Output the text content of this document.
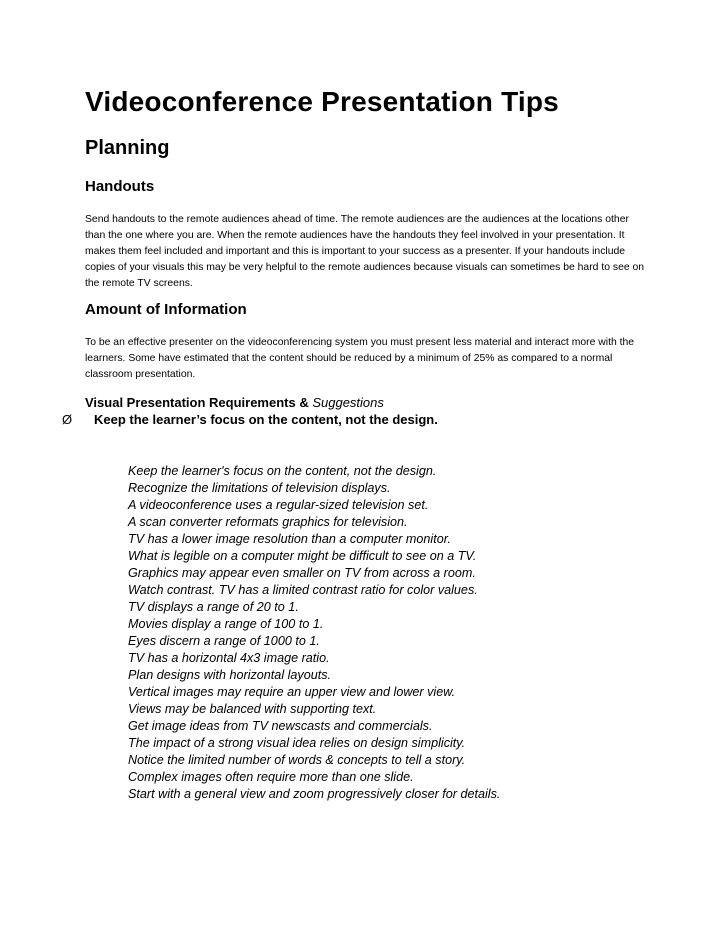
Videoconference Presentation Tips
Planning
Handouts

Send handouts to the remote audiences ahead of time. The remote audiences are the audiences at the locations other than the one where you are. When the remote audiences have the handouts they feel involved in your presentation. It makes them feel included and important and this is important to your success as a presenter. If your handouts include copies of your visuals this may be very helpful to the remote audiences because visuals can sometimes be hard to see on the remote TV screens.

Amount of Information

To be an effective presenter on the videoconferencing system you must present less material and interact more with the learners. Some have estimated that the content should be reduced by a minimum of 25% as compared to a normal classroom presentation.

Visual Presentation Requirements & Suggestions

Ø Keep the learner’s focus on the content, not the design.
Keep the learner's focus on the content, not the design.
Recognize the limitations of television displays.
A videoconference uses a regular-sized television set.
A scan converter reformats graphics for television.
TV has a lower image resolution than a computer monitor.
What is legible on a computer might be difficult to see on a TV.
Graphics may appear even smaller on TV from across a room.
Watch contrast. TV has a limited contrast ratio for color values.
TV displays a range of 20 to 1.
Movies display a range of 100 to 1.
Eyes discern a range of 1000 to 1.
TV has a horizontal 4x3 image ratio.
Plan designs with horizontal layouts.
Vertical images may require an upper view and lower view.
Views may be balanced with supporting text.
Get image ideas from TV newscasts and commercials.
The impact of a strong visual idea relies on design simplicity.
Notice the limited number of words & concepts to tell a story.
Complex images often require more than one slide.
Start with a general view and zoom progressively closer for details.
